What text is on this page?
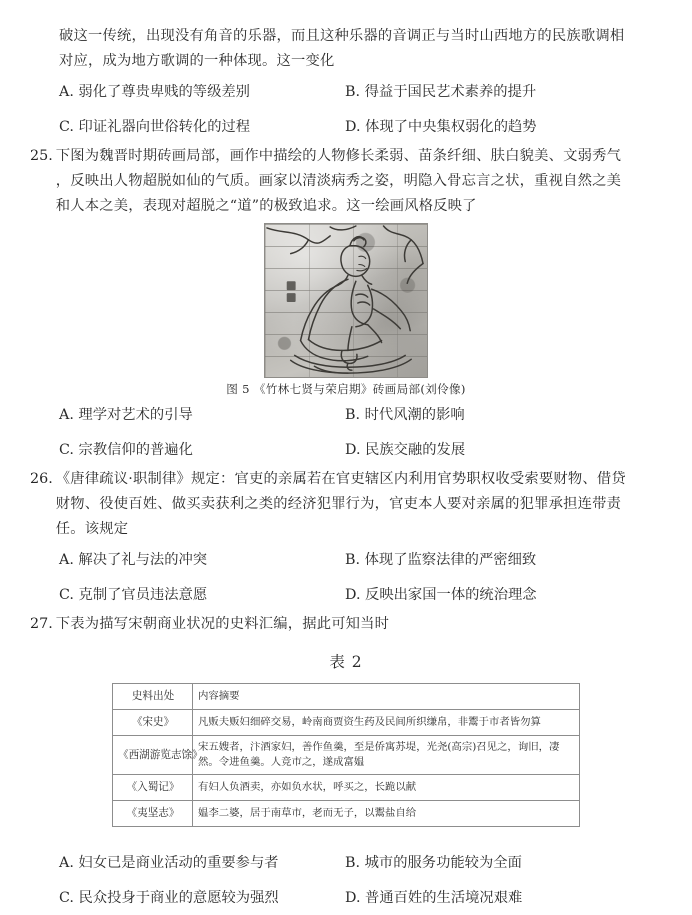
破这一传统，出现没有角音的乐器，而且这种乐器的音调正与当时山西地方的民族歌调相
对应，成为地方歌调的一种体现。这一变化
A. 弱化了尊贵卑贱的等级差别	B. 得益于国民艺术素养的提升
C. 印证礼器向世俗转化的过程	D. 体现了中央集权弱化的趋势
25. 下图为魏晋时期砖画局部，画作中描绘的人物修长柔弱、苗条纤细、肤白貌美、文弱秀气
，反映出人物超脱如仙的气质。画家以清淡病秀之姿，明隐入骨忘言之状，重视自然之美
和人本之美，表现对超脱之“道”的极致追求。这一绘画风格反映了
图 5 《竹林七贤与荣启期》砖画局部(刘伶像)
A. 理学对艺术的引导	B. 时代风潮的影响
C. 宗教信仰的普遍化	D. 民族交融的发展
26. 《唐律疏议·职制律》规定：官吏的亲属若在官吏辖区内利用官势职权收受索要财物、借贷
财物、役使百姓、做买卖获利之类的经济犯罪行为，官吏本人要对亲属的犯罪承担连带责
任。该规定
A. 解决了礼与法的冲突	B. 体现了监察法律的严密细致
C. 克制了官员违法意愿	D. 反映出家国一体的统治理念
27. 下表为描写宋朝商业状况的史料汇编，据此可知当时
表 2
史料出处	内容摘要
《宋史》	凡贩夫贩妇细碎交易，岭南商贾资生药及民间所织缣帛，非鬻于市者皆勿算
《西湖游览志馀》	宋五嫂者，汴酒家妇，善作鱼羹，至是侨寓苏堤，光尧(高宗)召见之，询旧，凄然。令进鱼羹。人竞市之，遂成富媪
《入蜀记》	有妇人负酒卖，亦如负水状，呼买之，长跪以献
《夷坚志》	媪李二婆，居于南草市，老而无子，以鬻盐自给
A. 妇女已是商业活动的重要参与者	B. 城市的服务功能较为全面
C. 民众投身于商业的意愿较为强烈	D. 普通百姓的生活境况艰难
